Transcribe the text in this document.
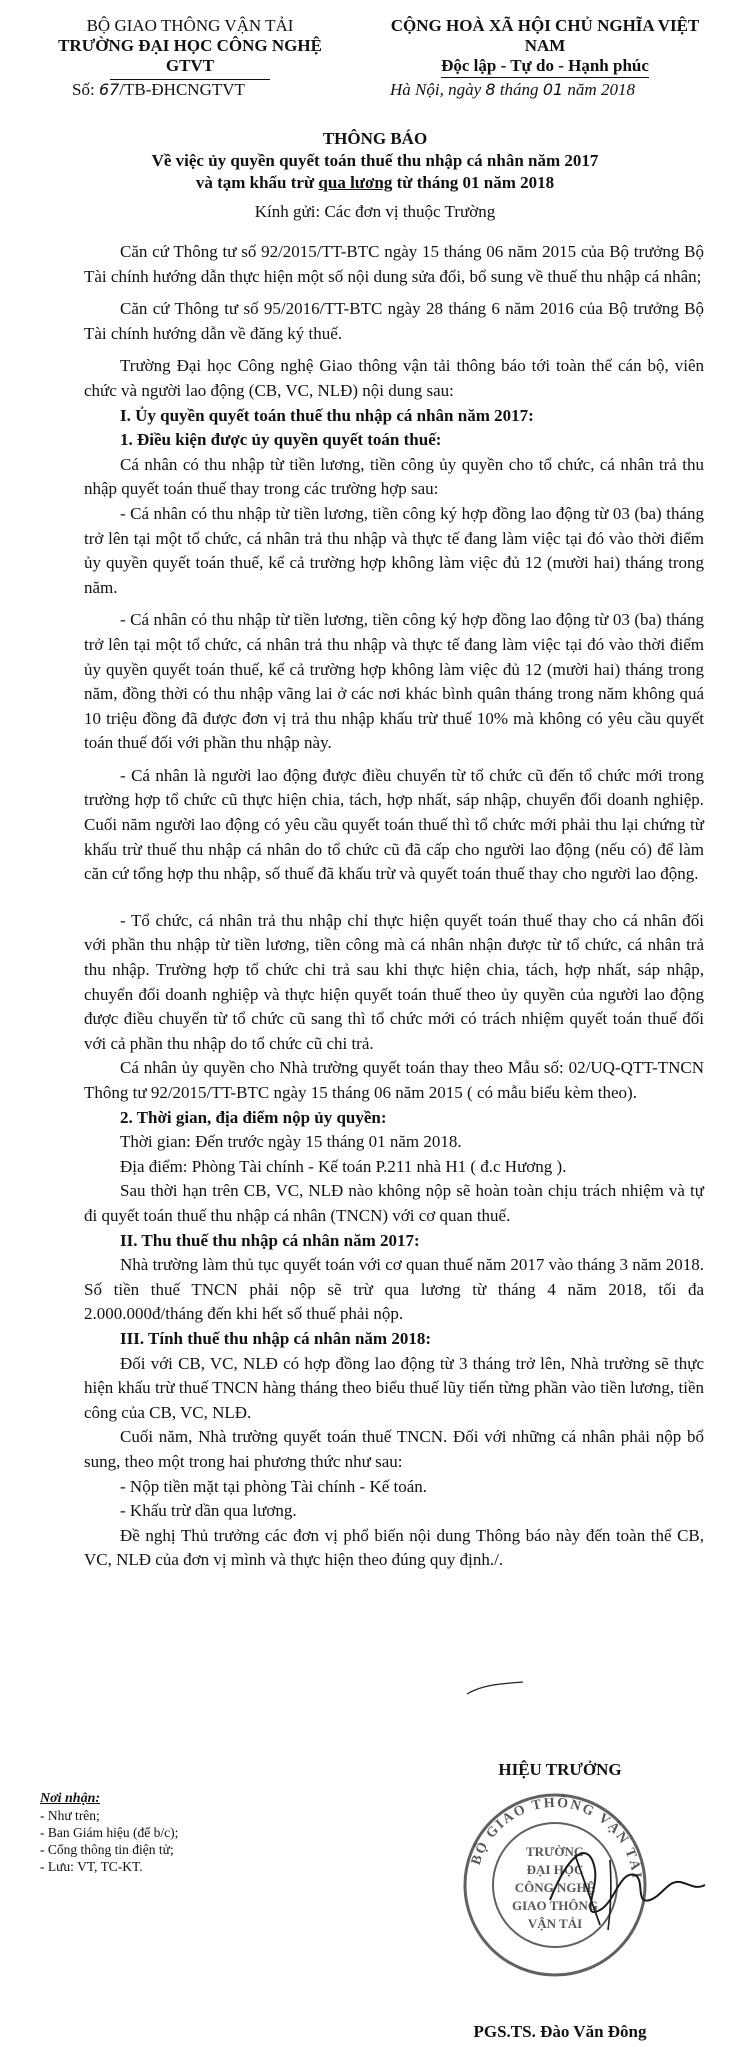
BỘ GIAO THÔNG VẬN TẢI
TRƯỜNG ĐẠI HỌC CÔNG NGHỆ GTVT
CỘNG HOÀ XÃ HỘI CHỦ NGHĨA VIỆT NAM
Độc lập - Tự do - Hạnh phúc
Số: 67/TB-ĐHCNGTVT	Hà Nội, ngày 8 tháng 01 năm 2018
THÔNG BÁO
Về việc ủy quyền quyết toán thuế thu nhập cá nhân năm 2017
và tạm khấu trừ qua lương từ tháng 01 năm 2018
Kính gửi: Các đơn vị thuộc Trường

Căn cứ Thông tư số 92/2015/TT-BTC ngày 15 tháng 06 năm 2015 của Bộ trưởng Bộ Tài chính hướng dẫn thực hiện một số nội dung sửa đổi, bổ sung về thuế thu nhập cá nhân;

Căn cứ Thông tư số 95/2016/TT-BTC ngày 28 tháng 6 năm 2016 của Bộ trưởng Bộ Tài chính hướng dẫn về đăng ký thuế.

Trường Đại học Công nghệ Giao thông vận tải thông báo tới toàn thể cán bộ, viên chức và người lao động (CB, VC, NLĐ) nội dung sau:

I. Ủy quyền quyết toán thuế thu nhập cá nhân năm 2017:

1. Điều kiện được ủy quyền quyết toán thuế:

Cá nhân có thu nhập từ tiền lương, tiền công ủy quyền cho tổ chức, cá nhân trả thu nhập quyết toán thuế thay trong các trường hợp sau:

- Cá nhân có thu nhập từ tiền lương, tiền công ký hợp đồng lao động từ 03 (ba) tháng trở lên tại một tổ chức, cá nhân trả thu nhập và thực tế đang làm việc tại đó vào thời điểm ủy quyền quyết toán thuế, kể cả trường hợp không làm việc đủ 12 (mười hai) tháng trong năm.

- Cá nhân có thu nhập từ tiền lương, tiền công ký hợp đồng lao động từ 03 (ba) tháng trở lên tại một tổ chức, cá nhân trả thu nhập và thực tế đang làm việc tại đó vào thời điểm ủy quyền quyết toán thuế, kể cả trường hợp không làm việc đủ 12 (mười hai) tháng trong năm, đồng thời có thu nhập vãng lai ở các nơi khác bình quân tháng trong năm không quá 10 triệu đồng đã được đơn vị trả thu nhập khấu trừ thuế 10% mà không có yêu cầu quyết toán thuế đối với phần thu nhập này.

- Cá nhân là người lao động được điều chuyển từ tổ chức cũ đến tổ chức mới trong trường hợp tổ chức cũ thực hiện chia, tách, hợp nhất, sáp nhập, chuyển đổi doanh nghiệp. Cuối năm người lao động có yêu cầu quyết toán thuế thì tổ chức mới phải thu lại chứng từ khấu trừ thuế thu nhập cá nhân do tổ chức cũ đã cấp cho người lao động (nếu có) để làm căn cứ tổng hợp thu nhập, số thuế đã khấu trừ và quyết toán thuế thay cho người lao động.

- Tổ chức, cá nhân trả thu nhập chỉ thực hiện quyết toán thuế thay cho cá nhân đối với phần thu nhập từ tiền lương, tiền công mà cá nhân nhận được từ tổ chức, cá nhân trả thu nhập. Trường hợp tổ chức chi trả sau khi thực hiện chia, tách, hợp nhất, sáp nhập, chuyển đổi doanh nghiệp và thực hiện quyết toán thuế theo ủy quyền của người lao động được điều chuyển từ tổ chức cũ sang thì tổ chức mới có trách nhiệm quyết toán thuế đối với cả phần thu nhập do tổ chức cũ chi trả.

Cá nhân ủy quyền cho Nhà trường quyết toán thay theo Mẫu số: 02/UQ-QTT-TNCN Thông tư 92/2015/TT-BTC ngày 15 tháng 06 năm 2015 ( có mẫu biểu kèm theo).

2. Thời gian, địa điểm nộp ủy quyền:

Thời gian: Đến trước ngày 15 tháng 01 năm 2018.

Địa điểm: Phòng Tài chính - Kế toán P.211 nhà H1 ( đ.c Hương ).

Sau thời hạn trên CB, VC, NLĐ nào không nộp sẽ hoàn toàn chịu trách nhiệm và tự đi quyết toán thuế thu nhập cá nhân (TNCN) với cơ quan thuế.

II. Thu thuế thu nhập cá nhân năm 2017:

Nhà trường làm thủ tục quyết toán với cơ quan thuế năm 2017 vào tháng 3 năm 2018. Số tiền thuế TNCN phải nộp sẽ trừ qua lương từ tháng 4 năm 2018, tối đa 2.000.000đ/tháng đến khi hết số thuế phải nộp.

III. Tính thuế thu nhập cá nhân năm 2018:

Đối với CB, VC, NLĐ có hợp đồng lao động từ 3 tháng trở lên, Nhà trường sẽ thực hiện khấu trừ thuế TNCN hàng tháng theo biểu thuế lũy tiến từng phần vào tiền lương, tiền công của CB, VC, NLĐ.

Cuối năm, Nhà trường quyết toán thuế TNCN. Đối với những cá nhân phải nộp bổ sung, theo một trong hai phương thức như sau:

- Nộp tiền mặt tại phòng Tài chính - Kế toán.

- Khấu trừ dần qua lương.

Đề nghị Thủ trưởng các đơn vị phổ biến nội dung Thông báo này đến toàn thể CB, VC, NLĐ của đơn vị mình và thực hiện theo đúng quy định./.

Nơi nhận:
- Như trên;
- Ban Giám hiệu (để b/c);
- Cổng thông tin điện tử;
- Lưu: VT, TC-KT.
HIỆU TRƯỞNG
BỘ GIAO THÔNG VẬN TẢI
TRƯỜNG
ĐẠI HỌC
CÔNG NGHỆ
GIAO THÔNG
VẬN TẢI
PGS.TS. Đào Văn Đông
